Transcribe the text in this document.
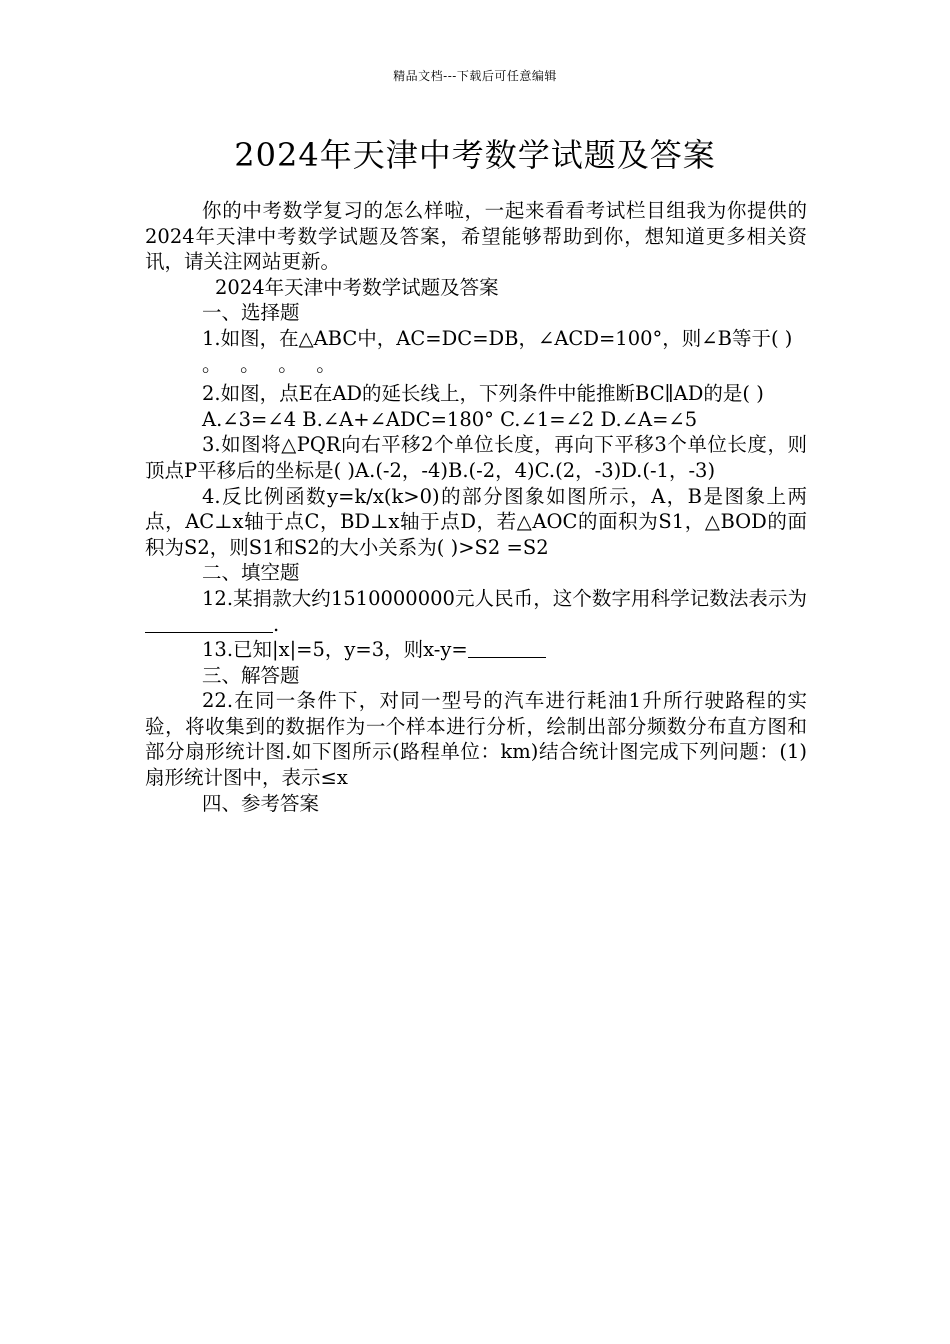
精品文档---下载后可任意编辑
2024年天津中考数学试题及答案

你的中考数学复习的怎么样啦，一起来看看考试栏目组我为你提供的2024年天津中考数学试题及答案，希望能够帮助到你，想知道更多相关资讯，请关注网站更新。

2024年天津中考数学试题及答案

一、选择题

1.如图，在△ABC中，AC=DC=DB，∠ACD=100°，则∠B等于( )

。   。   。   。

2.如图，点E在AD的延长线上，下列条件中能推断BC∥AD的是( )

A.∠3=∠4 B.∠A+∠ADC=180° C.∠1=∠2 D.∠A=∠5

3.如图将△PQR向右平移2个单位长度，再向下平移3个单位长度，则顶点P平移后的坐标是( )A.(-2，-4)B.(-2，4)C.(2，-3)D.(-1，-3)

4.反比例函数y=k/x(k>0)的部分图象如图所示，A，B是图象上两点，AC⊥x轴于点C，BD⊥x轴于点D，若△AOC的面积为S1，△BOD的面积为S2，则S1和S2的大小关系为( )>S2 =S2

二、填空题

12.某捐款大约1510000000元人民币，这个数字用科学记数法表示为 .

13.已知|x|=5，y=3，则x-y=

三、解答题

22.在同一条件下，对同一型号的汽车进行耗油1升所行驶路程的实验，将收集到的数据作为一个样本进行分析，绘制出部分频数分布直方图和部分扇形统计图.如下图所示(路程单位：km)结合统计图完成下列问题：(1)扇形统计图中，表示≤x

四、参考答案
